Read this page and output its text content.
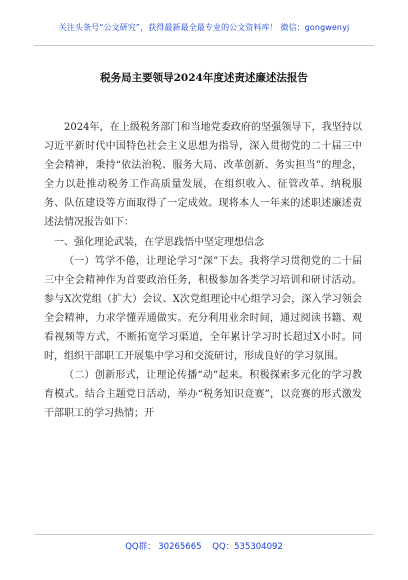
关注头条号“公文研究”，获得最新最全最专业的公文资料库！ 微信：gongwenyj
税务局主要领导2024年度述责述廉述法报告

2024年，在上级税务部门和当地党委政府的坚强领导下，我坚持以习近平新时代中国特色社会主义思想为指导，深入贯彻党的二十届三中全会精神，秉持“依法治税、服务大局、改革创新、务实担当”的理念，全力以赴推动税务工作高质量发展，在组织收入、征管改革、纳税服务、队伍建设等方面取得了一定成效。现将本人一年来的述职述廉述责述法情况报告如下：

一、强化理论武装，在学思践悟中坚定理想信念

（一）笃学不倦，让理论学习“深”下去。我将学习贯彻党的二十届三中全会精神作为首要政治任务，积极参加各类学习培训和研讨活动。参与X次党组（扩大）会议、X次党组理论中心组学习会，深入学习领会全会精神，力求学懂弄通做实。充分利用业余时间，通过阅读书籍、观看视频等方式，不断拓宽学习渠道，全年累计学习时长超过X小时。同时，组织干部职工开展集中学习和交流研讨，形成良好的学习氛围。

（二）创新形式，让理论传播“动”起来。积极探索多元化的学习教育模式。结合主题党日活动，举办“税务知识竞赛”，以竞赛的形式激发干部职工的学习热情；开

QQ群： 30265665 QQ：535304092
